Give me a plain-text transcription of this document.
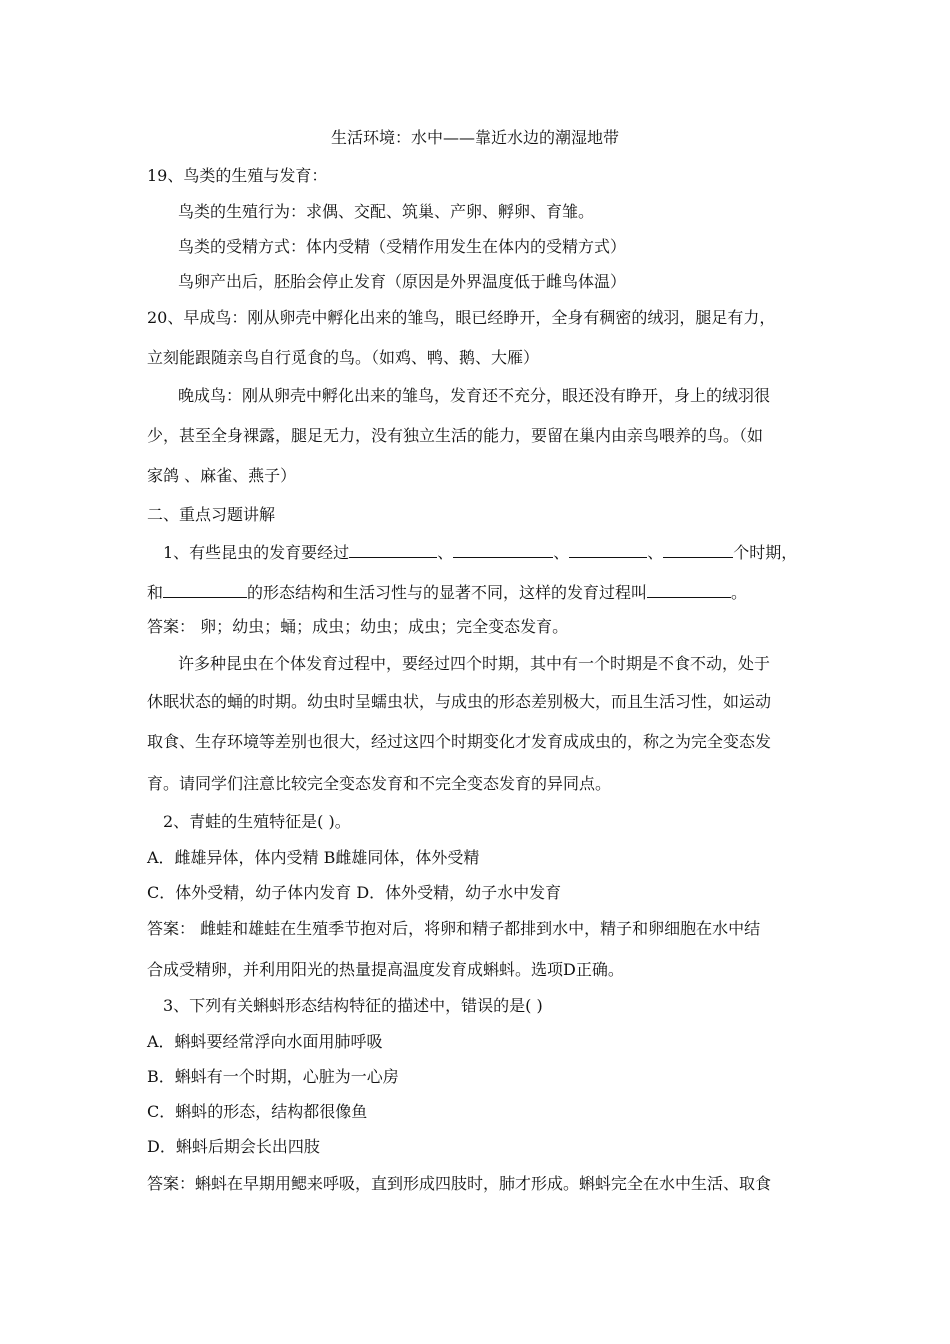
生活环境：水中——靠近水边的潮湿地带
19、鸟类的生殖与发育：
鸟类的生殖行为：求偶、交配、筑巢、产卵、孵卵、育雏。
鸟类的受精方式：体内受精（受精作用发生在体内的受精方式）
鸟卵产出后，胚胎会停止发育（原因是外界温度低于雌鸟体温）
20、早成鸟：刚从卵壳中孵化出来的雏鸟，眼已经睁开，全身有稠密的绒羽，腿足有力，
立刻能跟随亲鸟自行觅食的鸟。（如鸡、鸭、鹅、大雁）
晚成鸟：刚从卵壳中孵化出来的雏鸟，发育还不充分，眼还没有睁开，身上的绒羽很
少，甚至全身裸露，腿足无力，没有独立生活的能力，要留在巢内由亲鸟喂养的鸟。（如
家鸽 、麻雀、燕子）
二、重点习题讲解
1、有些昆虫的发育要经过	、	、	、	个时期，
和	的形态结构和生活习性与的显著不同，这样的发育过程叫	。
答案： 卵；幼虫；蛹；成虫；幼虫；成虫；完全变态发育。
许多种昆虫在个体发育过程中，要经过四个时期，其中有一个时期是不食不动，处于
休眠状态的蛹的时期。幼虫时呈蠕虫状，与成虫的形态差别极大，而且生活习性，如运动
取食、生存环境等差别也很大，经过这四个时期变化才发育成成虫的，称之为完全变态发
育。请同学们注意比较完全变态发育和不完全变态发育的异同点。
2、青蛙的生殖特征是( )。
A．雌雄异体，体内受精 B雌雄同体，体外受精
C．体外受精，幼子体内发育 D．体外受精，幼子水中发育
答案： 雌蛙和雄蛙在生殖季节抱对后，将卵和精子都排到水中，精子和卵细胞在水中结
合成受精卵，并利用阳光的热量提高温度发育成蝌蚪。选项D正确。
3、下列有关蝌蚪形态结构特征的描述中，错误的是( )
A．蝌蚪要经常浮向水面用肺呼吸
B．蝌蚪有一个时期，心脏为一心房
C．蝌蚪的形态，结构都很像鱼
D．蝌蚪后期会长出四肢
答案：蝌蚪在早期用鳃来呼吸，直到形成四肢时，肺才形成。蝌蚪完全在水中生活、取食
